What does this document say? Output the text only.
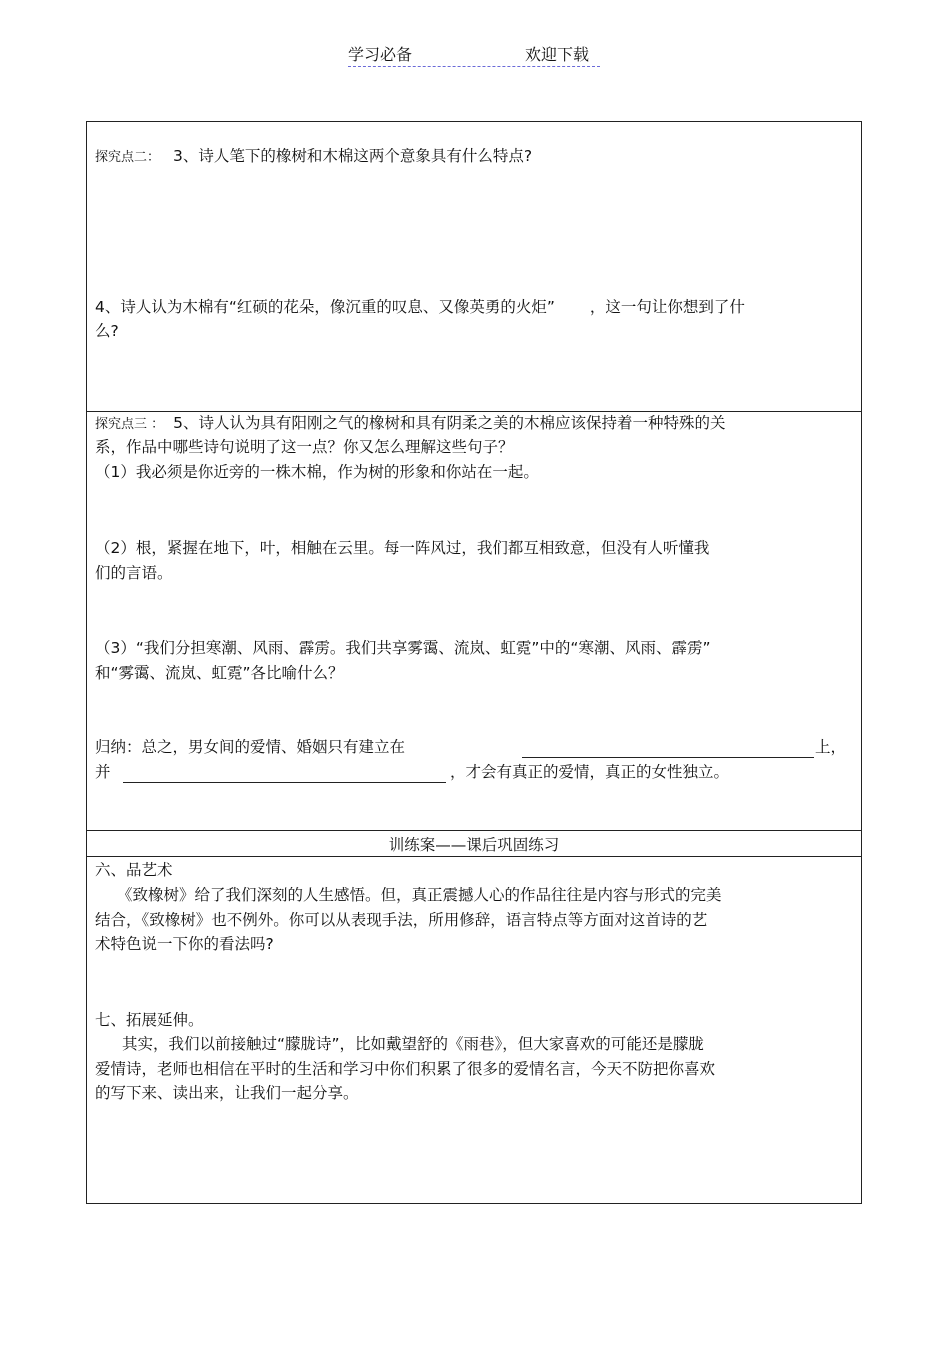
学习必备	欢迎下载
探究点二： 3、诗人笔下的橡树和木棉这两个意象具有什么特点?
4、诗人认为木棉有“红硕的花朵，像沉重的叹息、又像英勇的火炬” ，这一句让你想到了什
么?
探究点三 ： 5、诗人认为具有阳刚之气的橡树和具有阴柔之美的木棉应该保持着一种特殊的关
系，作品中哪些诗句说明了这一点？你又怎么理解这些句子？
（1）我必须是你近旁的一株木棉，作为树的形象和你站在一起。
（2）根，紧握在地下，叶，相触在云里。每一阵风过，我们都互相致意，但没有人听懂我
们的言语。
（3）“我们分担寒潮、风雨、霹雳。我们共享雾霭、流岚、虹霓”中的“寒潮、风雨、霹雳”
和“雾霭、流岚、虹霓”各比喻什么？
归纳：总之，男女间的爱情、婚姻只有建立在	上，
并	，才会有真正的爱情，真正的女性独立。
训练案——课后巩固练习
六、品艺术
《致橡树》给了我们深刻的人生感悟。但，真正震撼人心的作品往往是内容与形式的完美
结合，《致橡树》也不例外。你可以从表现手法，所用修辞，语言特点等方面对这首诗的艺
术特色说一下你的看法吗?
七、拓展延伸。
其实，我们以前接触过“朦胧诗”，比如戴望舒的《雨巷》，但大家喜欢的可能还是朦胧
爱情诗，老师也相信在平时的生活和学习中你们积累了很多的爱情名言，今天不防把你喜欢
的写下来、读出来，让我们一起分享。
